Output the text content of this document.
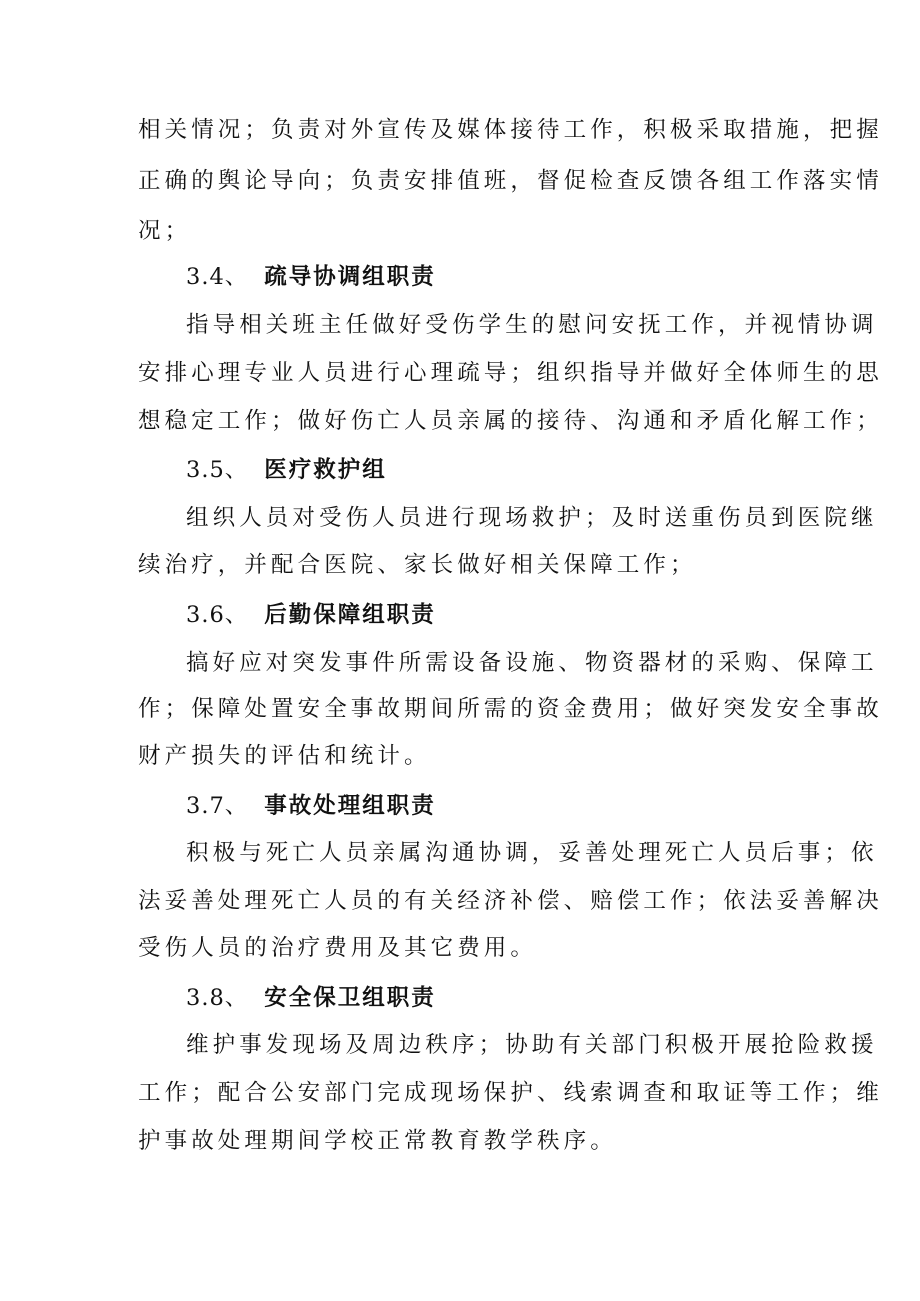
相关情况；负责对外宣传及媒体接待工作，积极采取措施，把握
正确的舆论导向；负责安排值班，督促检查反馈各组工作落实情
况；
3.4、 疏导协调组职责
指导相关班主任做好受伤学生的慰问安抚工作，并视情协调
安排心理专业人员进行心理疏导；组织指导并做好全体师生的思
想稳定工作；做好伤亡人员亲属的接待、沟通和矛盾化解工作；
3.5、 医疗救护组
组织人员对受伤人员进行现场救护；及时送重伤员到医院继
续治疗，并配合医院、家长做好相关保障工作；
3.6、 后勤保障组职责
搞好应对突发事件所需设备设施、物资器材的采购、保障工
作；保障处置安全事故期间所需的资金费用；做好突发安全事故
财产损失的评估和统计。
3.7、 事故处理组职责
积极与死亡人员亲属沟通协调，妥善处理死亡人员后事；依
法妥善处理死亡人员的有关经济补偿、赔偿工作；依法妥善解决
受伤人员的治疗费用及其它费用。
3.8、 安全保卫组职责
维护事发现场及周边秩序；协助有关部门积极开展抢险救援
工作；配合公安部门完成现场保护、线索调查和取证等工作；维
护事故处理期间学校正常教育教学秩序。
